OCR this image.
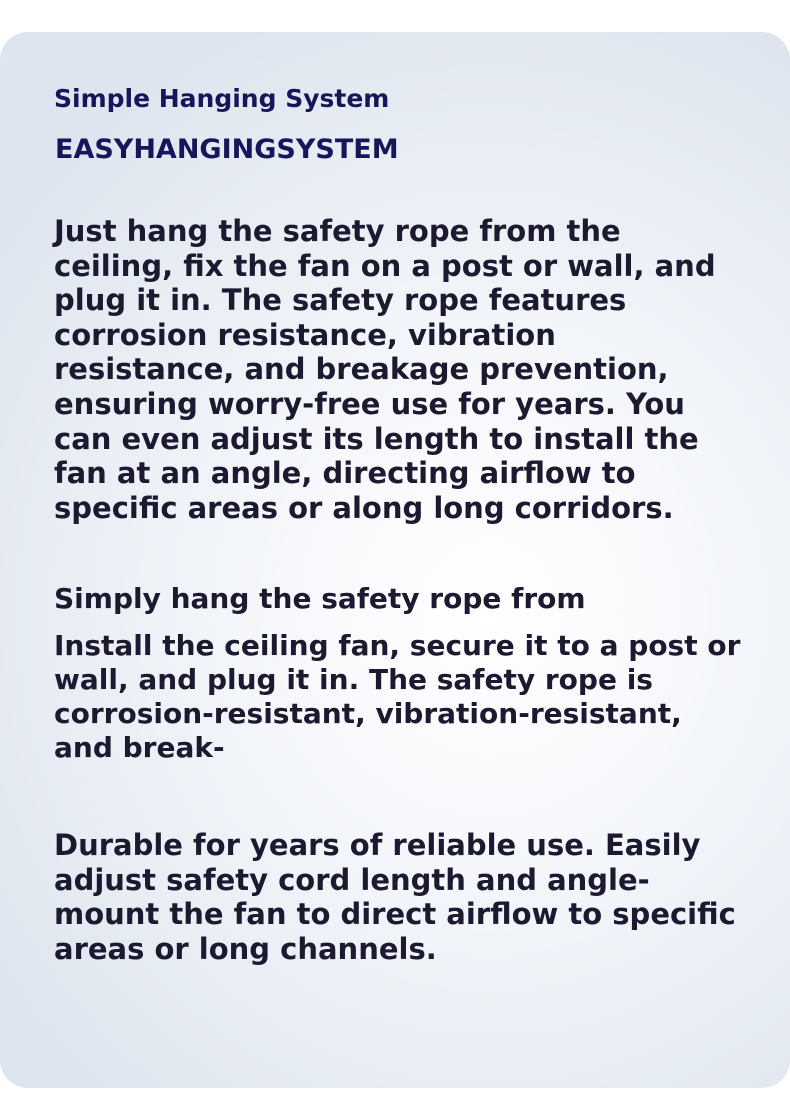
Simple Hanging System
EASYHANGINGSYSTEM

Just hang the safety rope from the ceiling, fix the fan on a post or wall, and plug it in. The safety rope features corrosion resistance, vibration resistance, and breakage prevention, ensuring worry-free use for years. You can even adjust its length to install the fan at an angle, directing airflow to specific areas or along long corridors.

Simply hang the safety rope from

Install the ceiling fan, secure it to a post or wall, and plug it in. The safety rope is corrosion-resistant, vibration-resistant, and break-

Durable for years of reliable use. Easily adjust safety cord length and angle-mount the fan to direct airflow to specific areas or long channels.
